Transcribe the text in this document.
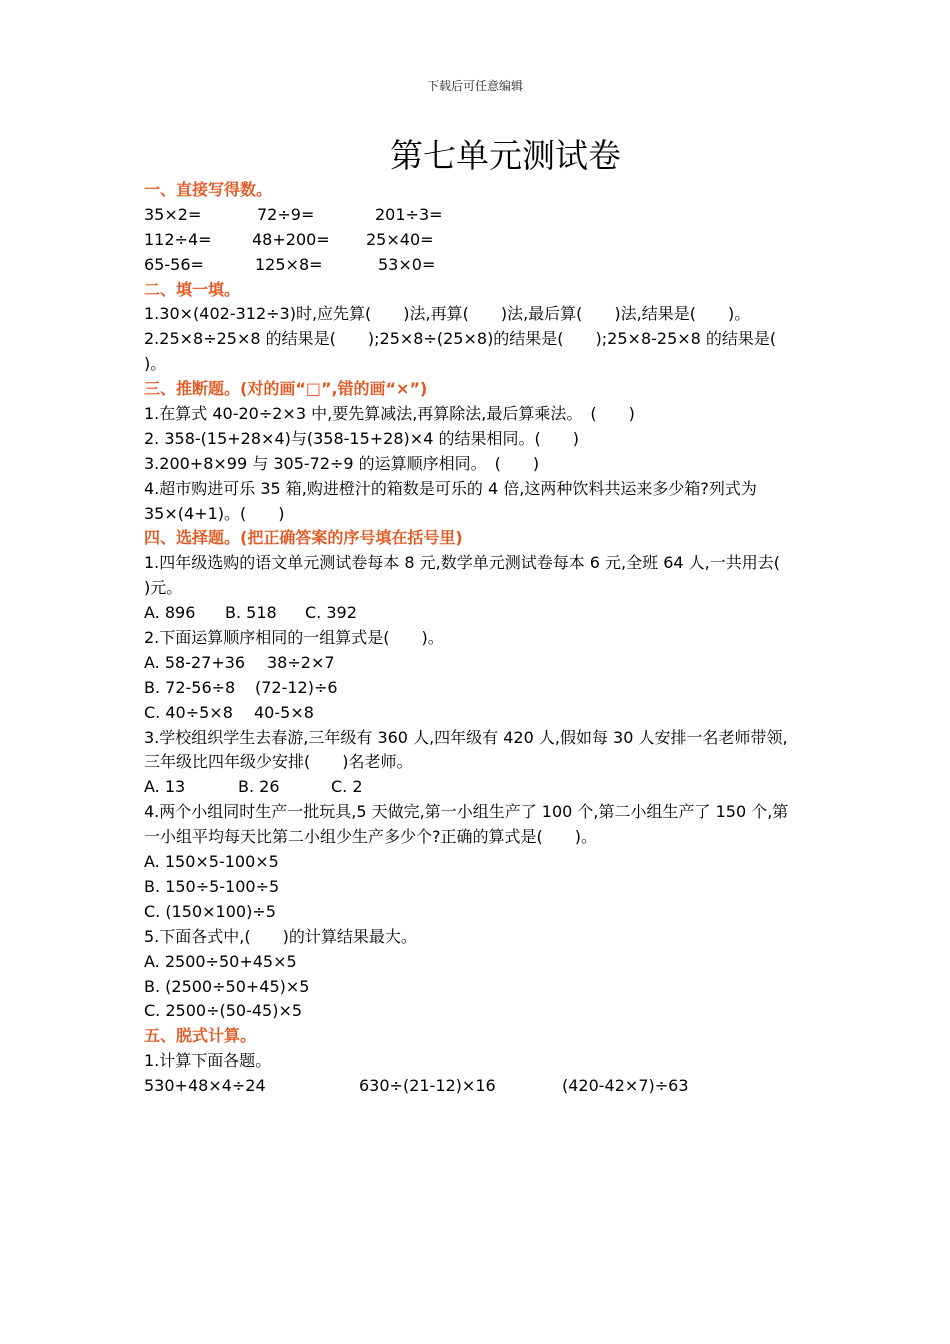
下载后可任意编辑
第七单元测试卷
一、直接写得数。
35×2=	72÷9=	201÷3=
112÷4=	48+200= 25×40=
65-56=	125×8=	53×0=
二、填一填。
1.30×(402-312÷3)时,应先算(　　)法,再算(　　)法,最后算(　　)法,结果是(　　)。
2.25×8÷25×8 的结果是(　　);25×8÷(25×8)的结果是(　　);25×8-25×8 的结果是(
)。
三、推断题。(对的画“□”,错的画“×”)
1.在算式 40-20÷2×3 中,要先算减法,再算除法,最后算乘法。　(　　)
2. 358-(15+28×4)与(358-15+28)×4 的结果相同。(　　)
3.200+8×99 与 305-72÷9 的运算顺序相同。　(　　)
4.超市购进可乐 35 箱,购进橙汁的箱数是可乐的 4 倍,这两种饮料共运来多少箱?列式为
35×(4+1)。(　　)
四、选择题。(把正确答案的序号填在括号里)
1.四年级选购的语文单元测试卷每本 8 元,数学单元测试卷每本 6 元,全班 64 人,一共用去(
)元。
A. 896 B. 518 C. 392
2.下面运算顺序相同的一组算式是(　　)。
A. 58-27+36 38÷2×7
B. 72-56÷8 (72-12)÷6
C. 40÷5×8 40-5×8
3.学校组织学生去春游,三年级有 360 人,四年级有 420 人,假如每 30 人安排一名老师带领,
三年级比四年级少安排(　　)名老师。
A. 13	B. 26	C. 2
4.两个小组同时生产一批玩具,5 天做完,第一小组生产了 100 个,第二小组生产了 150 个,第
一小组平均每天比第二小组少生产多少个?正确的算式是(　　)。
A. 150×5-100×5
B. 150÷5-100÷5
C. (150×100)÷5
5.下面各式中,(　　)的计算结果最大。
A. 2500÷50+45×5
B. (2500÷50+45)×5
C. 2500÷(50-45)×5
五、脱式计算。
1.计算下面各题。
530+48×4÷24	630÷(21-12)×16	(420-42×7)÷63
